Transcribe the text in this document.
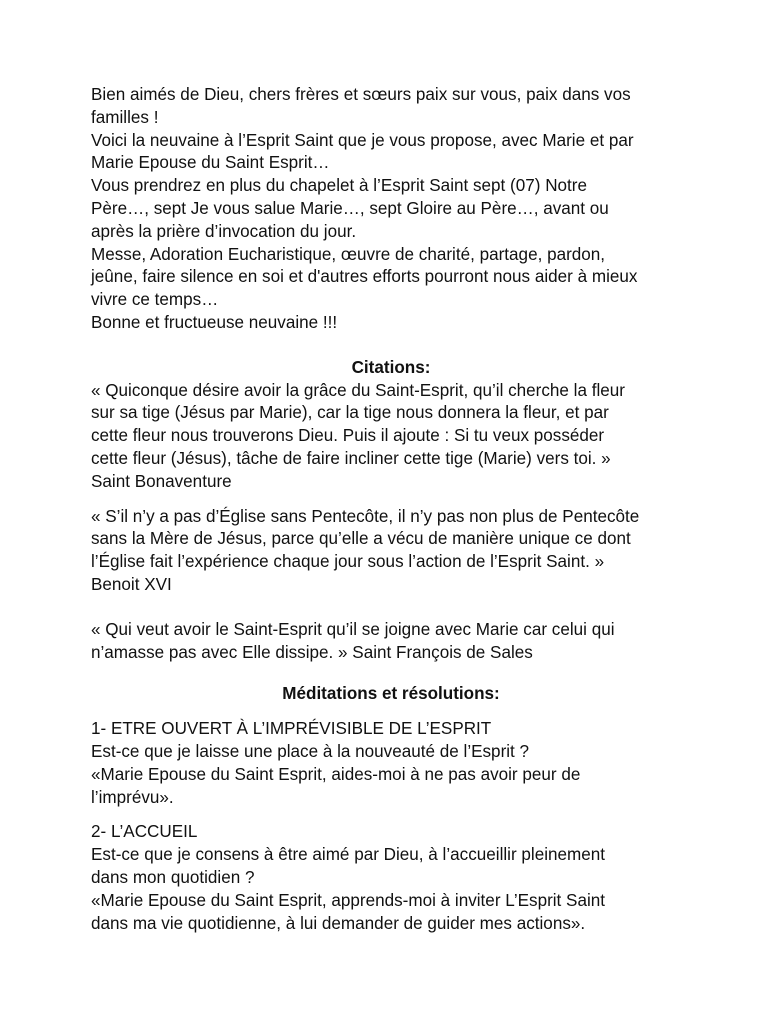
Bien aimés de Dieu, chers frères et sœurs paix sur vous, paix dans vos
familles !
Voici la neuvaine à l’Esprit Saint que je vous propose, avec Marie et par
Marie Epouse du Saint Esprit…
Vous prendrez en plus du chapelet à l’Esprit Saint sept (07) Notre
Père…, sept Je vous salue Marie…, sept Gloire au Père…, avant ou
après la prière d’invocation du jour.
Messe, Adoration Eucharistique, œuvre de charité, partage, pardon,
jeûne, faire silence en soi et d'autres efforts pourront nous aider à mieux
vivre ce temps…
Bonne et fructueuse neuvaine !!!
Citations:
« Quiconque désire avoir la grâce du Saint-Esprit, qu’il cherche la fleur
sur sa tige (Jésus par Marie), car la tige nous donnera la fleur, et par
cette fleur nous trouverons Dieu. Puis il ajoute : Si tu veux posséder
cette fleur (Jésus), tâche de faire incliner cette tige (Marie) vers toi. »
Saint Bonaventure
« S’il n’y a pas d’Église sans Pentecôte, il n’y pas non plus de Pentecôte
sans la Mère de Jésus, parce qu’elle a vécu de manière unique ce dont
l’Église fait l’expérience chaque jour sous l’action de l’Esprit Saint. »
Benoit XVI
« Qui veut avoir le Saint-Esprit qu’il se joigne avec Marie car celui qui
n’amasse pas avec Elle dissipe. » Saint François de Sales
Méditations et résolutions:
1- ETRE OUVERT À L’IMPRÉVISIBLE DE L’ESPRIT
Est-ce que je laisse une place à la nouveauté de l’Esprit ?
«Marie Epouse du Saint Esprit, aides-moi à ne pas avoir peur de
l’imprévu».
2- L’ACCUEIL
Est-ce que je consens à être aimé par Dieu, à l’accueillir pleinement
dans mon quotidien ?
«Marie Epouse du Saint Esprit, apprends-moi à inviter L’Esprit Saint
dans ma vie quotidienne, à lui demander de guider mes actions».
